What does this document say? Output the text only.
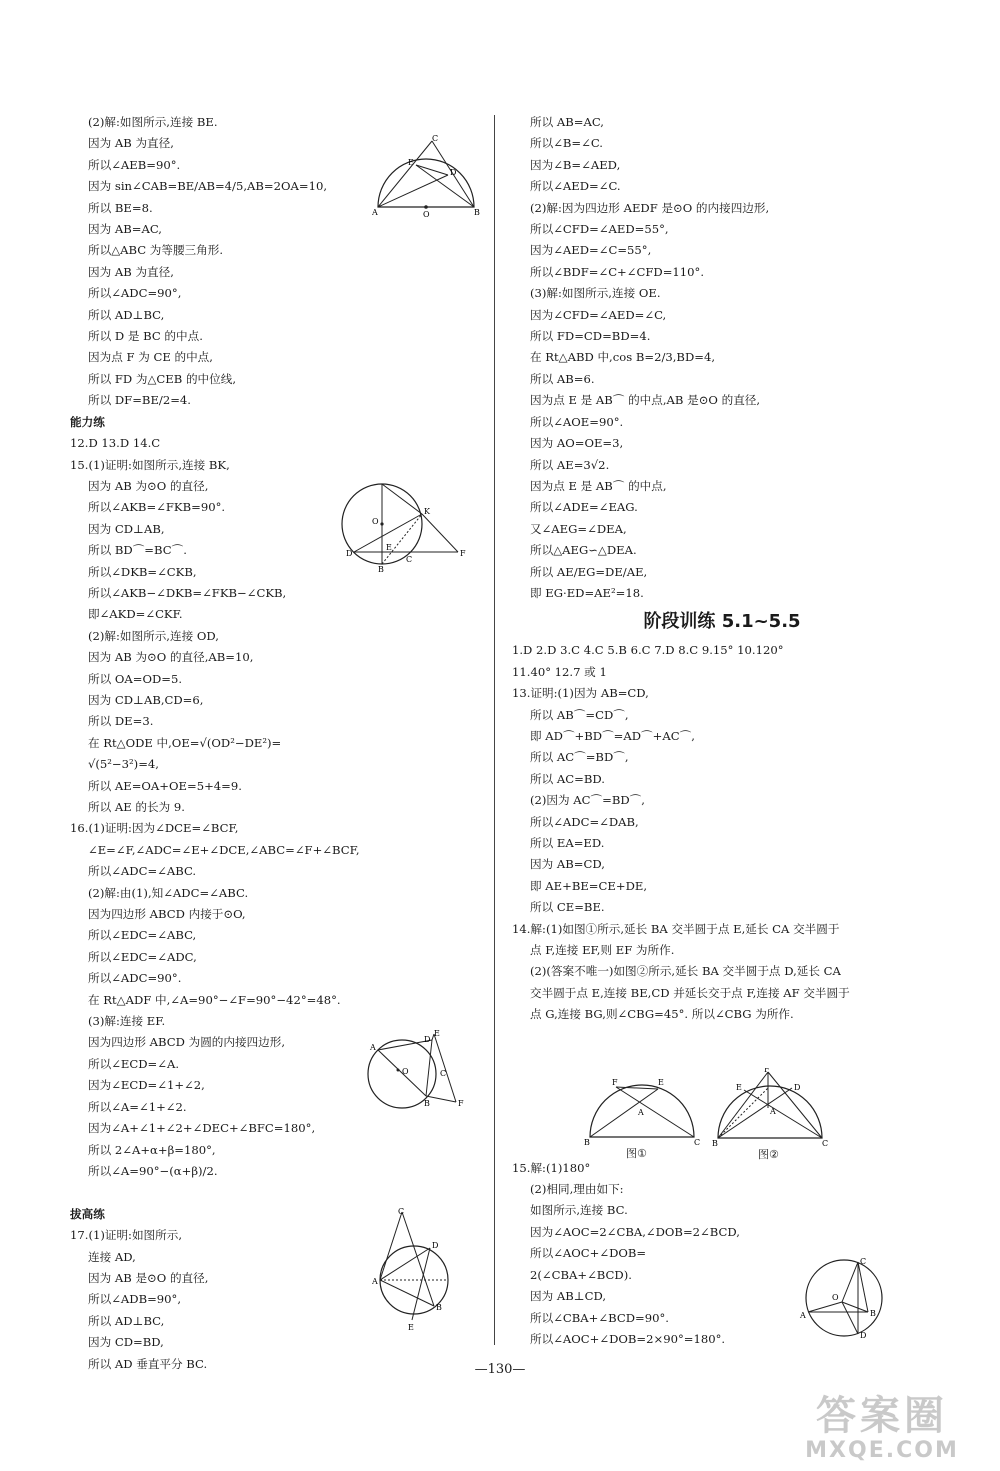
(2)解:如图所示,连接 BE.
因为 AB 为直径,
所以∠AEB=90°.
因为 sin∠CAB=BE/AB=4/5,AB=2OA=10,
所以 BE=8.
因为 AB=AC,
所以△ABC 为等腰三角形.
因为 AB 为直径,
所以∠ADC=90°,
所以 AD⊥BC,
所以 D 是 BC 的中点.
因为点 F 为 CE 的中点,
所以 FD 为△CEB 的中位线,
所以 DF=BE/2=4.
能力练
12.D 13.D 14.C
15.(1)证明:如图所示,连接 BK,
因为 AB 为⊙O 的直径,
所以∠AKB=∠FKB=90°.
因为 CD⊥AB,
所以 BD⌒=BC⌒.
所以∠DKB=∠CKB,
所以∠AKB−∠DKB=∠FKB−∠CKB,
即∠AKD=∠CKF.
(2)解:如图所示,连接 OD,
因为 AB 为⊙O 的直径,AB=10,
所以 OA=OD=5.
因为 CD⊥AB,CD=6,
所以 DE=3.
在 Rt△ODE 中,OE=√(OD²−DE²)=
√(5²−3²)=4,
所以 AE=OA+OE=5+4=9.
所以 AE 的长为 9.
16.(1)证明:因为∠DCE=∠BCF,
∠E=∠F,∠ADC=∠E+∠DCE,∠ABC=∠F+∠BCF,
所以∠ADC=∠ABC.
(2)解:由(1),知∠ADC=∠ABC.
因为四边形 ABCD 内接于⊙O,
所以∠EDC=∠ABC,
所以∠EDC=∠ADC,
所以∠ADC=90°.
在 Rt△ADF 中,∠A=90°−∠F=90°−42°=48°.
(3)解:连接 EF.
因为四边形 ABCD 为圆的内接四边形,
所以∠ECD=∠A.
因为∠ECD=∠1+∠2,
所以∠A=∠1+∠2.
因为∠A+∠1+∠2+∠DEC+∠BFC=180°,
所以 2∠A+α+β=180°,
所以∠A=90°−(α+β)/2.
拔高练
17.(1)证明:如图所示,
连接 AD,
因为 AB 是⊙O 的直径,
所以∠ADB=90°,
所以 AD⊥BC,
因为 CD=BD,
所以 AD 垂直平分 BC.
所以 AB=AC,
所以∠B=∠C.
因为∠B=∠AED,
所以∠AED=∠C.
(2)解:因为四边形 AEDF 是⊙O 的内接四边形,
所以∠CFD=∠AED=55°,
因为∠AED=∠C=55°,
所以∠BDF=∠C+∠CFD=110°.
(3)解:如图所示,连接 OE.
因为∠CFD=∠AED=∠C,
所以 FD=CD=BD=4.
在 Rt△ABD 中,cos B=2/3,BD=4,
所以 AB=6.
因为点 E 是 AB⌒ 的中点,AB 是⊙O 的直径,
所以∠AOE=90°.
因为 AO=OE=3,
所以 AE=3√2.
因为点 E 是 AB⌒ 的中点,
所以∠ADE=∠EAG.
又∠AEG=∠DEA,
所以△AEG∽△DEA.
所以 AE/EG=DE/AE,
即 EG·ED=AE²=18.
阶段训练 5.1~5.5
1.D 2.D 3.C 4.C 5.B 6.C 7.D 8.C 9.15° 10.120°
11.40° 12.7 或 1
13.证明:(1)因为 AB=CD,
所以 AB⌒=CD⌒,
即 AD⌒+BD⌒=AD⌒+AC⌒,
所以 AC⌒=BD⌒,
所以 AC=BD.
(2)因为 AC⌒=BD⌒,
所以∠ADC=∠DAB,
所以 EA=ED.
因为 AB=CD,
即 AE+BE=CE+DE,
所以 CE=BE.
14.解:(1)如图①所示,延长 BA 交半圆于点 E,延长 CA 交半圆于
点 F,连接 EF,则 EF 为所作.
(2)(答案不唯一)如图②所示,延长 BA 交半圆于点 D,延长 CA
交半圆于点 E,连接 BE,CD 并延长交于点 F,连接 AF 交半圆于
点 G,连接 BG,则∠CBG=45°. 所以∠CBG 为所作.
15.解:(1)180°
(2)相同,理由如下:
如图所示,连接 BC.
因为∠AOC=2∠CBA,∠DOB=2∠BCD,
所以∠AOC+∠DOB=
2(∠CBA+∠BCD).
因为 AB⊥CD,
所以∠CBA+∠BCD=90°.
所以∠AOC+∠DOB=2×90°=180°.
C
E
D
A	O	B
O
K
D
E
C
F
B
O
E
D
A
B	F
C
C
D
A
B
E
F	E
A
B	C
图①
F
E	D
A
B	C
图②
O
C
A	B
D
—130—
答案圈
MXQE.COM
